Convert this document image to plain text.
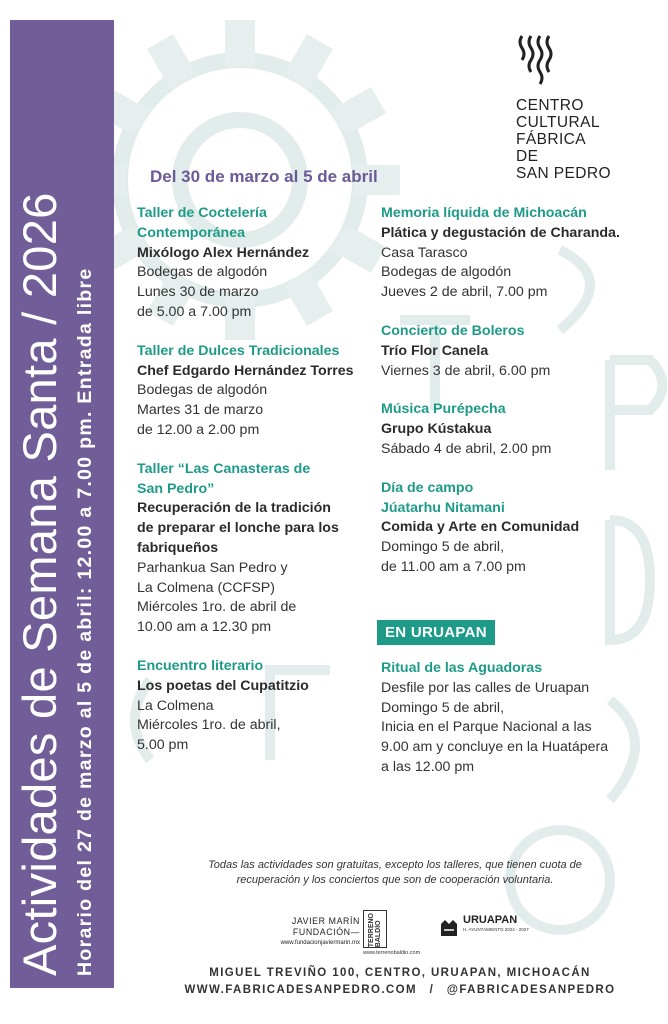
Actividades de Semana Santa / 2026 Horario del 27 de marzo al 5 de abril: 12.00 a 7.00 pm. Entrada libre
CENTRO
CULTURAL
FÁBRICA
DE
SAN PEDRO
Del 30 de marzo al 5 de abril
Taller de Coctelería
Contemporánea
Mixólogo Alex Hernández
Bodegas de algodón
Lunes 30 de marzo
de 5.00 a 7.00 pm
Taller de Dulces Tradicionales
Chef Edgardo Hernández Torres
Bodegas de algodón
Martes 31 de marzo
de 12.00 a 2.00 pm
Taller “Las Canasteras de
San Pedro”
Recuperación de la tradición
de preparar el lonche para los
fabriqueños
Parhankua San Pedro y
La Colmena (CCFSP)
Miércoles 1ro. de abril de
10.00 am a 12.30 pm
Encuentro literario
Los poetas del Cupatitzio
La Colmena
Miércoles 1ro. de abril,
5.00 pm
Memoria líquida de Michoacán
Plática y degustación de Charanda.
Casa Tarasco
Bodegas de algodón
Jueves 2 de abril, 7.00 pm
Concierto de Boleros
Trío Flor Canela
Viernes 3 de abril, 6.00 pm
Música Purépecha
Grupo Kústakua
Sábado 4 de abril, 2.00 pm
Día de campo
Júatarhu Nitamani
Comida y Arte en Comunidad
Domingo 5 de abril,
de 11.00 am a 7.00 pm
EN URUAPAN
Ritual de las Aguadoras
Desfile por las calles de Uruapan
Domingo 5 de abril,
Inicia en el Parque Nacional a las
9.00 am y concluye en la Huatápera
a las 12.00 pm
Todas las actividades son gratuitas, excepto los talleres, que tienen cuota de
recuperación y los conciertos que son de cooperación voluntaria.
JAVIER MARÍN
FUNDACIÓN—
www.fundacionjaviermarin.mx TERRENO BALDÍO
www.terrenobaldio.com
URUAPAN
H. AYUNTAMIENTO 2024 - 2027
MIGUEL TREVIÑO 100, CENTRO, URUAPAN, MICHOACÁN
WWW.FABRICADESANPEDRO.COM / @FABRICADESANPEDRO
